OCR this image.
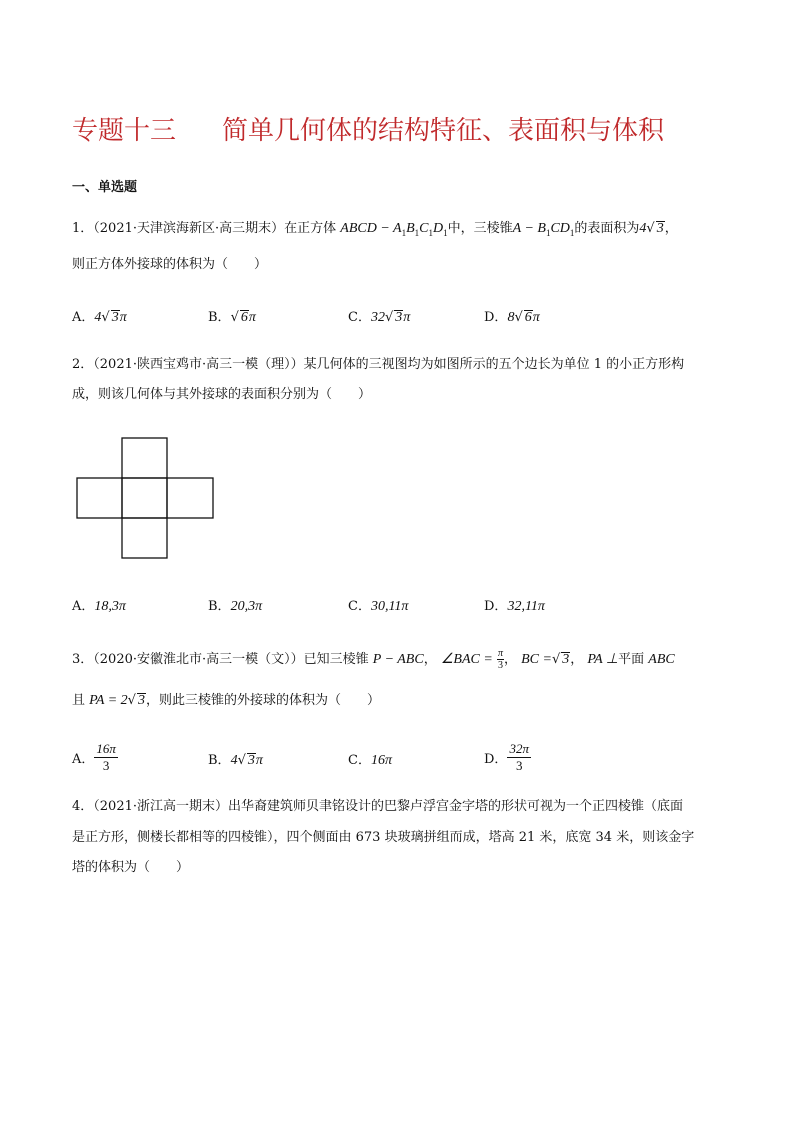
专题十三 简单几何体的结构特征、表面积与体积
一、单选题
1．（2021·天津滨海新区·高三期末）在正方体 ABCD − $A_1B_1C_1D_1$中，三棱锥$A - B_1CD_1$的表面积为4√ 3，
则正方体外接球的体积为（　　）
A．4√ 3π	B．√ 6π	C．32√ 3π	D．8√ 6π
2．（2021·陕西宝鸡市·高三一模（理））某几何体的三视图均为如图所示的五个边长为单位 1 的小正方形构
成，则该几何体与其外接球的表面积分别为（　　）
A．18,3π	B．20,3π	C．30,11π	D．32,11π
3．（2020·安徽淮北市·高三一模（文））已知三棱锥 P − ABC， ∠BAC = $\frac{\pi}{3}$ ， BC =√ 3， PA ⊥平面 ABC
且 PA = 2√ 3，则此三棱锥的外接球的体积为（　　）
A． $\frac{16\pi}{3}$	B．4√ 3π	C．16π	D． $\frac{32\pi}{3}$
4．（2021·浙江高一期末）出华裔建筑师贝聿铭设计的巴黎卢浮宫金字塔的形状可视为一个正四棱锥（底面
是正方形，侧楼长都相等的四棱锥），四个侧面由 673 块玻璃拼组而成，塔高 21 米，底宽 34 米，则该金字
塔的体积为（　　）
